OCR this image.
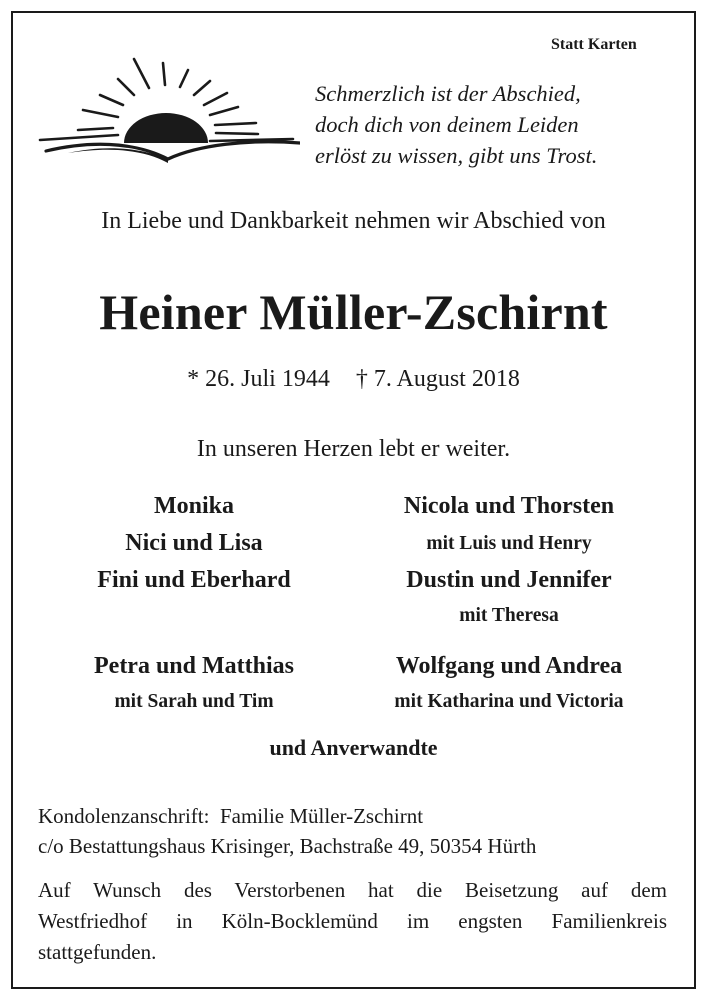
Statt Karten
Schmerzlich ist der Abschied,
doch dich von deinem Leiden
erlöst zu wissen, gibt uns Trost.
In Liebe und Dankbarkeit nehmen wir Abschied von
Heiner Müller-Zschirnt
* 26. Juli 1944 † 7. August 2018
In unseren Herzen lebt er weiter.
Monika
Nici und Lisa
Fini und Eberhard
Nicola und Thorsten
mit Luis und Henry
Dustin und Jennifer
mit Theresa
Petra und Matthias
mit Sarah und Tim
Wolfgang und Andrea
mit Katharina und Victoria
und Anverwandte
Kondolenzanschrift:  Familie Müller-Zschirnt
c/o Bestattungshaus Krisinger, Bachstraße 49, 50354 Hürth
Auf Wunsch des Verstorbenen hat die Beisetzung auf dem
Westfriedhof in Köln-Bocklemünd im engsten Familienkreis
stattgefunden.
